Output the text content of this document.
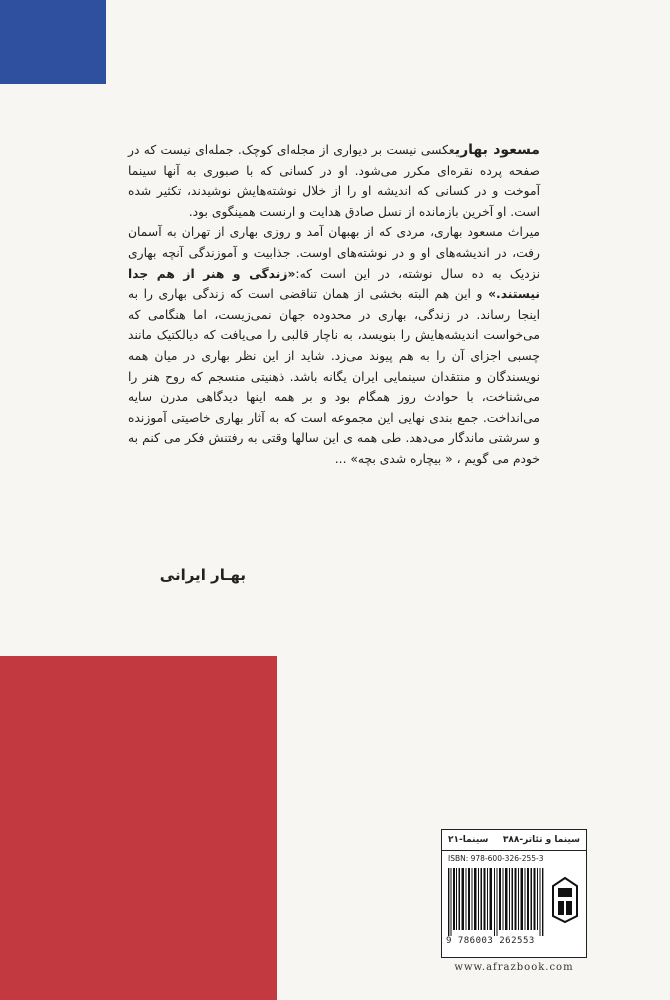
مسعود بهاریعکسی نیست بر دیواری از مجله‌ای کوچک. جمله‌ای نیست که در صفحه پرده نقره‌ای مکرر می‌شود. او در کسانی که با صبوری به آنها سینما آموخت و در کسانی که اندیشه او را از خلال نوشته‌هایش نوشیدند، تکثیر شده است. او آخرین بازمانده از نسل صادق هدایت و ارنست همینگوی بود.

میراث مسعود بهاری، مردی که از بهبهان آمد و روزی بهاری از تهران به آسمان رفت، در اندیشه‌های او و در نوشته‌های اوست. جذابیت و آموزندگی آنچه بهاری نزدیک به ده سال نوشته، در این است که:«زندگی و هنر از هم جدا نیستند.» و این هم البته بخشی از همان تناقضی است که زندگی بهاری را به اینجا رساند. در زندگی، بهاری در محدوده جهان نمی‌زیست، اما هنگامی که می‌خواست اندیشه‌هایش را بنویسد، به ناچار قالبی را می‌یافت که دیالکتیک مانند چسبی اجزای آن را به هم پیوند می‌زد. شاید از این نظر بهاری در میان همه نویسندگان و منتقدان سینمایی ایران یگانه باشد. ذهنیتی منسجم که روح هنر را می‌شناخت، با حوادث روز همگام بود و بر همه اینها دیدگاهی مدرن سایه می‌انداخت. جمع بندی نهایی این مجموعه است که به آثار بهاری خاصیتی آموزنده و سرشتی ماندگار می‌دهد. طی همه ی این سالها وقتی به رفتنش فکر می کنم به خودم می گویم ، « بیچاره شدی بچه» ...

بهـار ایرانی
سینما و تئاتر-۳۸۸
سینما-۲۱
ISBN: 978-600-326-255-3
9 786003 262553
www.afrazbook.com
